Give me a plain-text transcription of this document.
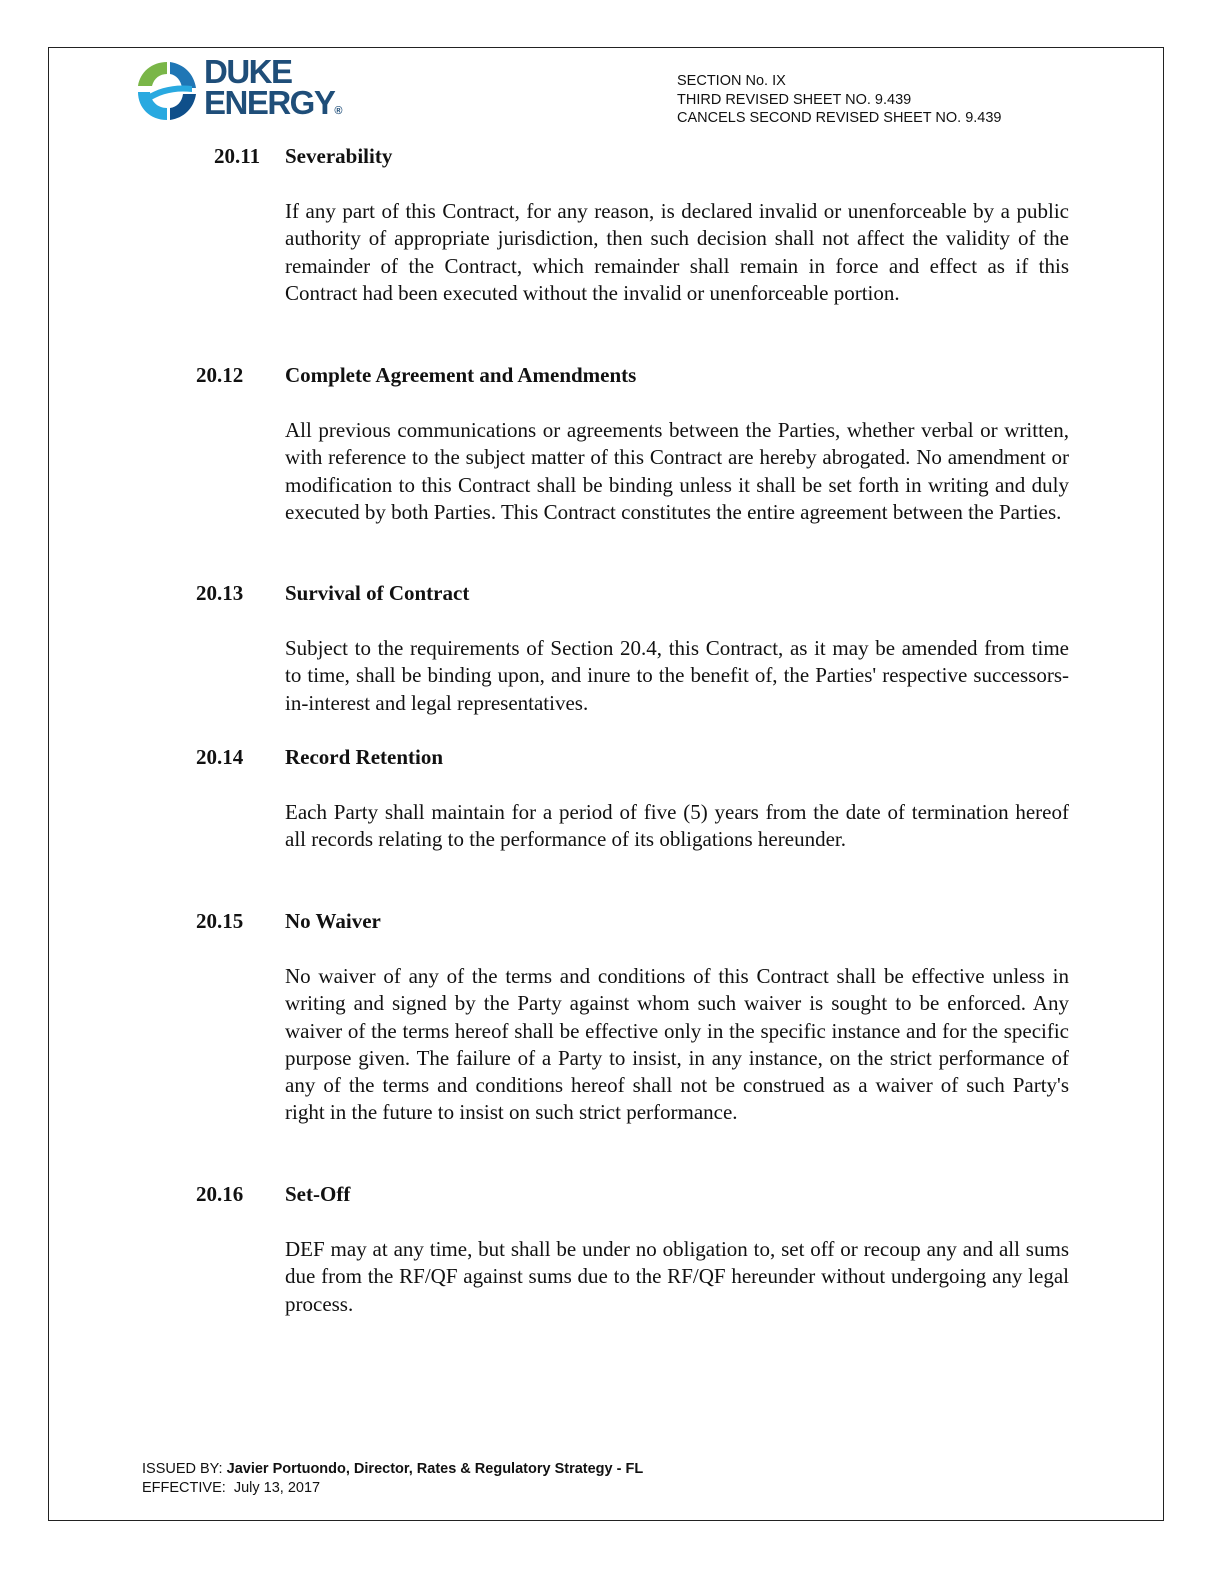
DUKE
ENERGY®
SECTION No. IX
THIRD REVISED SHEET NO. 9.439
CANCELS SECOND REVISED SHEET NO. 9.439
20.11 Severability
If any part of this Contract, for any reason, is declared invalid or unenforceable by a public authority of appropriate jurisdiction, then such decision shall not affect the validity of the remainder of the Contract, which remainder shall remain in force and effect as if this Contract had been executed without the invalid or unenforceable portion.
20.12 Complete Agreement and Amendments
All previous communications or agreements between the Parties, whether verbal or written, with reference to the subject matter of this Contract are hereby abrogated. No amendment or modification to this Contract shall be binding unless it shall be set forth in writing and duly executed by both Parties. This Contract constitutes the entire agreement between the Parties.
20.13 Survival of Contract
Subject to the requirements of Section 20.4, this Contract, as it may be amended from time to time, shall be binding upon, and inure to the benefit of, the Parties' respective successors-in-interest and legal representatives.
20.14 Record Retention
Each Party shall maintain for a period of five (5) years from the date of termination hereof all records relating to the performance of its obligations hereunder.
20.15 No Waiver
No waiver of any of the terms and conditions of this Contract shall be effective unless in writing and signed by the Party against whom such waiver is sought to be enforced. Any waiver of the terms hereof shall be effective only in the specific instance and for the specific purpose given. The failure of a Party to insist, in any instance, on the strict performance of any of the terms and conditions hereof shall not be construed as a waiver of such Party's right in the future to insist on such strict performance.
20.16 Set-Off
DEF may at any time, but shall be under no obligation to, set off or recoup any and all sums due from the RF/QF against sums due to the RF/QF hereunder without undergoing any legal process.
ISSUED BY: Javier Portuondo, Director, Rates & Regulatory Strategy - FL
EFFECTIVE:  July 13, 2017
